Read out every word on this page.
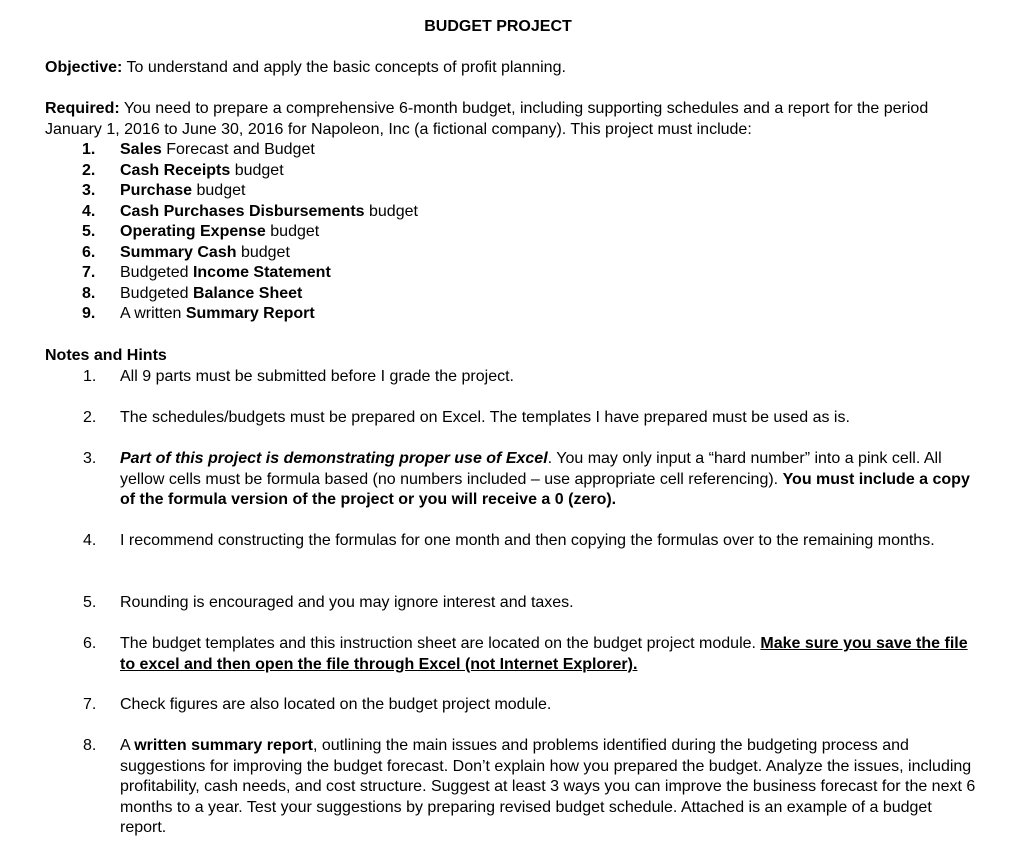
BUDGET PROJECT
Objective: To understand and apply the basic concepts of profit planning.
Required: You need to prepare a comprehensive 6-month budget, including supporting schedules and a report for the period January 1, 2016 to June 30, 2016 for Napoleon, Inc (a fictional company). This project must include:
1. Sales Forecast and Budget
2. Cash Receipts budget
3. Purchase budget
4. Cash Purchases Disbursements budget
5. Operating Expense budget
6. Summary Cash budget
7. Budgeted Income Statement
8. Budgeted Balance Sheet
9. A written Summary Report
Notes and Hints
1. All 9 parts must be submitted before I grade the project.
2. The schedules/budgets must be prepared on Excel. The templates I have prepared must be used as is.
3. Part of this project is demonstrating proper use of Excel. You may only input a “hard number” into a pink cell. All yellow cells must be formula based (no numbers included – use appropriate cell referencing). You must include a copy of the formula version of the project or you will receive a 0 (zero).
4. I recommend constructing the formulas for one month and then copying the formulas over to the remaining months.
5. Rounding is encouraged and you may ignore interest and taxes.
6. The budget templates and this instruction sheet are located on the budget project module. Make sure you save the file to excel and then open the file through Excel (not Internet Explorer).
7. Check figures are also located on the budget project module.
8. A written summary report, outlining the main issues and problems identified during the budgeting process and suggestions for improving the budget forecast. Don’t explain how you prepared the budget. Analyze the issues, including profitability, cash needs, and cost structure. Suggest at least 3 ways you can improve the business forecast for the next 6 months to a year. Test your suggestions by preparing revised budget schedule. Attached is an example of a budget report.
